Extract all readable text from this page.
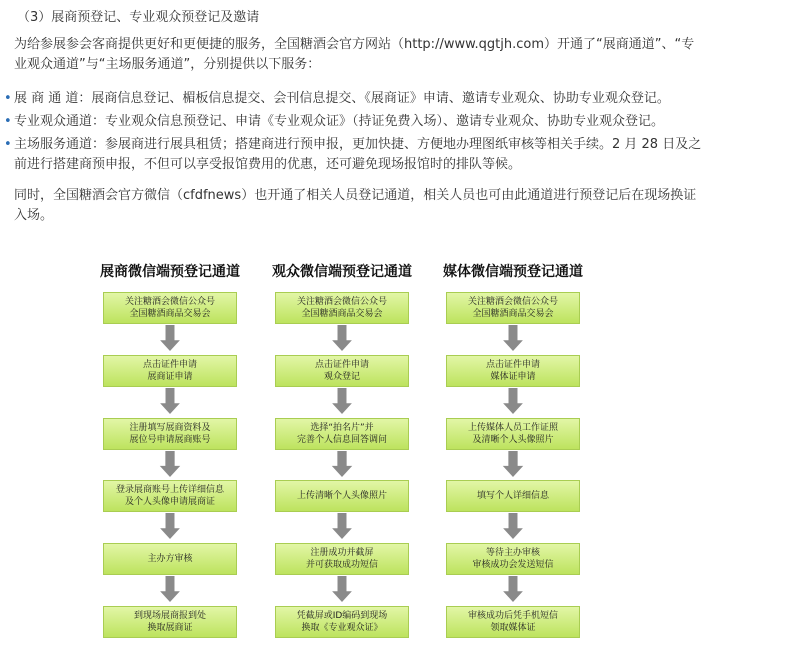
（3）展商预登记、专业观众预登记及邀请
为给参展参会客商提供更好和更便捷的服务，全国糖酒会官方网站（http://www.qgtjh.com）开通了“展商通道”、“专业观众通道”与“主场服务通道”，分别提供以下服务：
• 展 商 通 道：展商信息登记、楣板信息提交、会刊信息提交、《展商证》申请、邀请专业观众、协助专业观众登记。
• 专业观众通道：专业观众信息预登记、申请《专业观众证》（持证免费入场）、邀请专业观众、协助专业观众登记。
• 主场服务通道：参展商进行展具租赁；搭建商进行预申报，更加快捷、方便地办理图纸审核等相关手续。2 月 28 日及之前进行搭建商预申报，不但可以享受报馆费用的优惠，还可避免现场报馆时的排队等候。
同时，全国糖酒会官方微信（cfdfnews）也开通了相关人员登记通道，相关人员也可由此通道进行预登记后在现场换证入场。
展商微信端预登记通道
关注糖酒会微信公众号
全国糖酒商品交易会
点击证件申请
展商证申请
注册填写展商资料及
展位号申请展商账号
登录展商账号上传详细信息
及个人头像申请展商证
主办方审核
到现场展商报到处
换取展商证
观众微信端预登记通道
关注糖酒会微信公众号
全国糖酒商品交易会
点击证件申请
观众登记
选择“拍名片”并
完善个人信息回答调问
上传清晰个人头像照片
注册成功并截屏
并可获取成功短信
凭截屏或ID编码到现场
换取《专业观众证》
媒体微信端预登记通道
关注糖酒会微信公众号
全国糖酒商品交易会
点击证件申请
媒体证申请
上传媒体人员工作证照
及清晰个人头像照片
填写个人详细信息
等待主办审核
审核成功会发送短信
审核成功后凭手机短信
领取媒体证
